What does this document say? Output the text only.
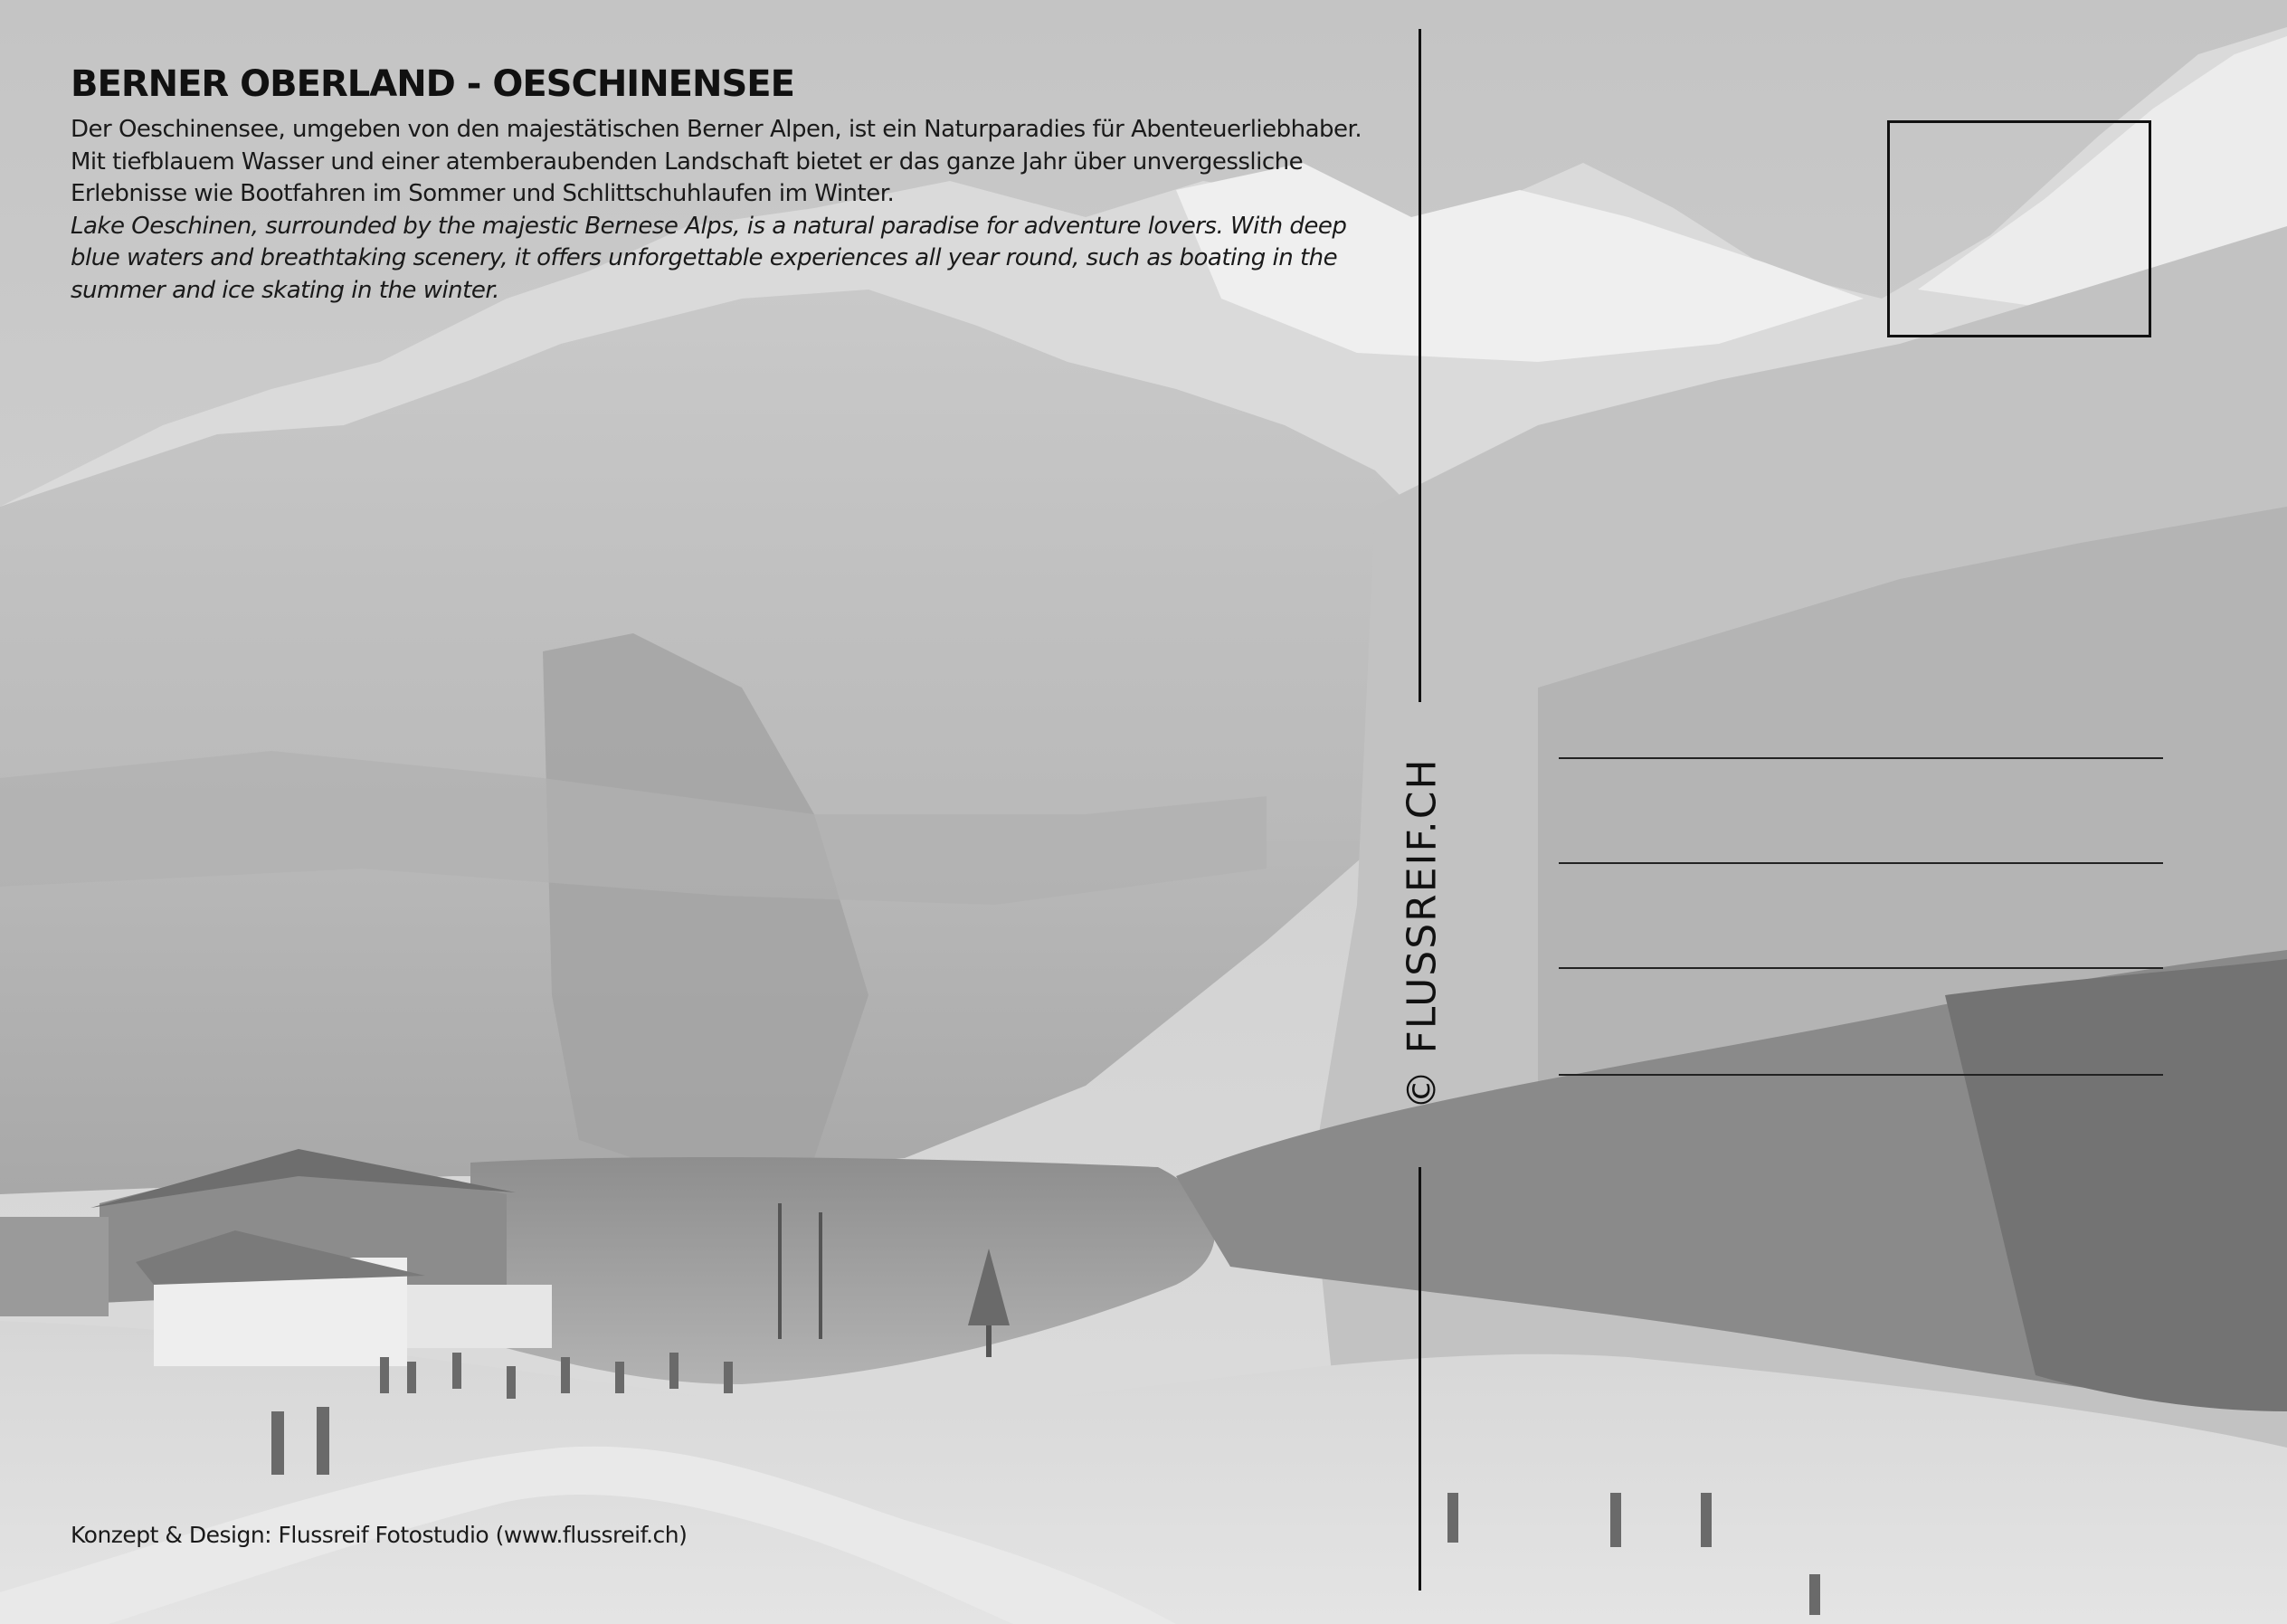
BERNER OBERLAND - OESCHINENSEE

Der Oeschinensee, umgeben von den majestätischen Berner Alpen, ist ein Naturparadies für Abenteuerliebhaber. Mit tiefblauem Wasser und einer atemberaubenden Landschaft bietet er das ganze Jahr über unvergessliche Erlebnisse wie Bootfahren im Sommer und Schlittschuhlaufen im Winter.

Lake Oeschinen, surrounded by the majestic Bernese Alps, is a natural paradise for adventure lovers. With deep blue waters and breathtaking scenery, it offers unforgettable experiences all year round, such as boating in the summer and ice skating in the winter.

Konzept & Design: Flussreif Fotostudio (www.flussreif.ch)
© FLUSSREIF.CH
